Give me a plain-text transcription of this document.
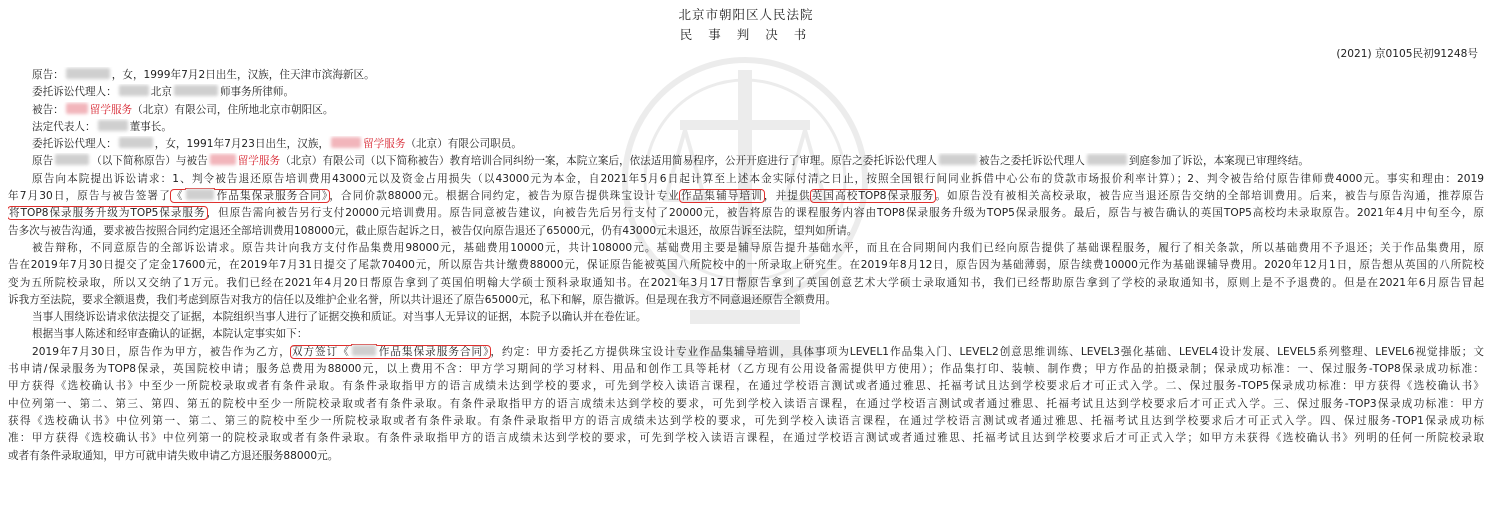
北京市朝阳区人民法院
民 事 判 决 书
(2021) 京0105民初91248号
原告：	，女，1999年7月2日出生，汉族，住天津市滨海新区。
委托诉讼代理人：	北京	师事务所律师。
被告： 留学服务（北京）有限公司，住所地北京市朝阳区。
法定代表人：	董事长。
委托诉讼代理人：	，女，1991年7月23日出生，汉族，	留学服务（北京）有限公司职员。
原告	（以下简称原告）与被告	留学服务（北京）有限公司（以下简称被告）教育培训合同纠纷一案，本院立案后，依法适用简易程序，公开开庭进行了审理。原告之委托诉讼代理人	被告之委托诉讼代理人	到庭参加了诉讼，本案现已审理终结。
原告向本院提出诉讼请求：1、判令被告退还原告培训费用43000元以及资金占用损失（以43000元为本金，自2021年5月6日起计算至上述本金实际付清之日止，按照全国银行间同业拆借中心公布的贷款市场报价利率计算）；2、判令被告给付原告律师费4000元。事实和理由：2019
年7月30日，原告与被告签署了《	作品集保录服务合同》，合同价款88000元。根据合同约定，被告为原告提供珠宝设计专业作品集辅导培训，并提供英国高校TOP8保录服务。如原告没有被相关高校录取，被告应当退还原告交纳的全部培训费用。后来，被告与原告沟通，推荐原告
将TOP8保录服务升级为TOP5保录服务，但原告需向被告另行支付20000元培训费用。原告同意被告建议，向被告先后另行支付了20000元，被告将原告的课程服务内容由TOP8保录服务升级为TOP5保录服务。最后，原告与被告确认的英国TOP5高校均未录取原告。2021年4月中旬至今，原
告多次与被告沟通，要求被告按照合同约定退还全部培训费用108000元，截止原告起诉之日，被告仅向原告退还了65000元，仍有43000元未退还，故原告诉至法院，望判如所请。
被告辩称，不同意原告的全部诉讼请求。原告共计向我方支付作品集费用98000元，基础费用10000元，共计108000元。基础费用主要是辅导原告提升基础水平，而且在合同期间内我们已经向原告提供了基础课程服务，履行了相关条款，所以基础费用不予退还；关于作品集费用，原
告在2019年7月30日提交了定金17600元，在2019年7月31日提交了尾款70400元，所以原告共计缴费88000元，保证原告能被英国八所院校中的一所录取上研究生。在2019年8月12日，原告因为基础薄弱，原告续费10000元作为基础课辅导费用。2020年12月1日，原告想从英国的八所院校
变为五所院校录取，所以又交纳了1万元。我们已经在2021年4月20日帮原告拿到了英国伯明翰大学硕士预科录取通知书。在2021年3月17日帮原告拿到了英国创意艺术大学硕士录取通知书，我们已经帮助原告拿到了学校的录取通知书，原则上是不予退费的。但是在2021年6月原告冒起
诉我方至法院，要求全额退费，我们考虑到原告对我方的信任以及维护企业名誉，所以共计退还了原告65000元，私下和解，原告撤诉。但是现在我方不同意退还原告全额费用。
当事人围绕诉讼请求依法提交了证据，本院组织当事人进行了证据交换和质证。对当事人无异议的证据，本院予以确认并在卷佐证。
根据当事人陈述和经审查确认的证据，本院认定事实如下：
2019年7月30日，原告作为甲方，被告作为乙方，双方签订《	作品集保录服务合同》，约定：甲方委托乙方提供珠宝设计专业作品集辅导培训，具体事项为LEVEL1作品集入门、LEVEL2创意思维训练、LEVEL3强化基础、LEVEL4设计发展、LEVEL5系列整理、LEVEL6视觉排版；文
书申请/保录服务为TOP8保录，英国院校申请；服务总费用为88000元，以上费用不含：甲方学习期间的学习材料、用品和创作工具等耗材（乙方现有公用设备需提供甲方使用）；作品集打印、装帧、制作费；甲方作品的拍摄录制；保录成功标准：一、保过服务-TOP8保录成功标准：
甲方获得《选校确认书》中至少一所院校录取或者有条件录取。有条件录取指甲方的语言成绩未达到学校的要求，可先到学校入读语言课程，在通过学校语言测试或者通过雅思、托福考试且达到学校要求后才可正式入学。二、保过服务-TOP5保录成功标准：甲方获得《选校确认书》
中位列第一、第二、第三、第四、第五的院校中至少一所院校录取或者有条件录取。有条件录取指甲方的语言成绩未达到学校的要求，可先到学校入读语言课程，在通过学校语言测试或者通过雅思、托福考试且达到学校要求后才可正式入学。三、保过服务-TOP3保录成功标准：甲方
获得《选校确认书》中位列第一、第二、第三的院校中至少一所院校录取或者有条件录取。有条件录取指甲方的语言成绩未达到学校的要求，可先到学校入读语言课程，在通过学校语言测试或者通过雅思、托福考试且达到学校要求后才可正式入学。四、保过服务-TOP1保录成功标
准：甲方获得《选校确认书》中位列第一的院校录取或者有条件录取。有条件录取指甲方的语言成绩未达到学校的要求，可先到学校入读语言课程，在通过学校语言测试或者通过雅思、托福考试且达到学校要求后才可正式入学；如甲方未获得《选校确认书》列明的任何一所院校录取
或者有条件录取通知，甲方可就申请失败申请乙方退还服务88000元。
